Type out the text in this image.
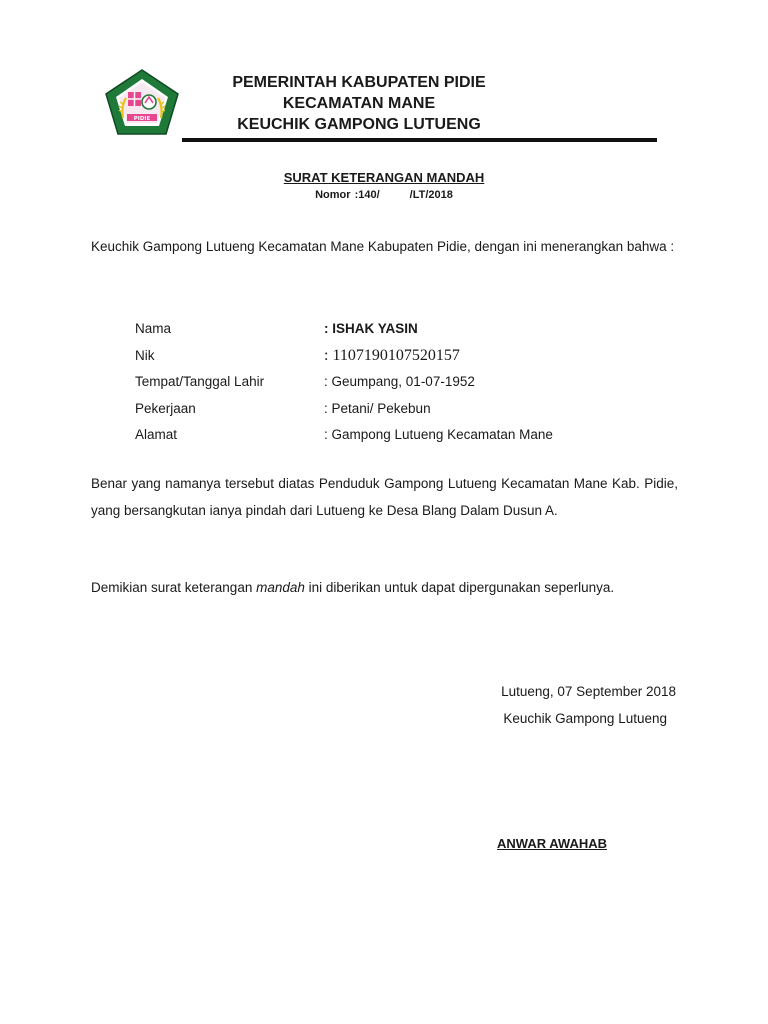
PIDIE
PEMERINTAH KABUPATEN PIDIE
KECAMATAN MANE
KEUCHIK GAMPONG LUTUENG
SURAT KETERANGAN MANDAH
Nomor :140/	/LT/2018
Keuchik Gampong Lutueng Kecamatan Mane Kabupaten Pidie, dengan ini menerangkan bahwa :
Nama	: ISHAK YASIN
Nik	: 1107190107520157
Tempat/Tanggal Lahir	: Geumpang, 01-07-1952
Pekerjaan	: Petani/ Pekebun
Alamat	: Gampong Lutueng Kecamatan Mane
Benar yang namanya tersebut diatas Penduduk Gampong Lutueng Kecamatan Mane Kab. Pidie, yang bersangkutan ianya pindah dari Lutueng ke Desa Blang Dalam Dusun A.
Demikian surat keterangan mandah ini diberikan untuk dapat dipergunakan seperlunya.
Lutueng, 07 September 2018
Keuchik Gampong Lutueng
ANWAR AWAHAB
